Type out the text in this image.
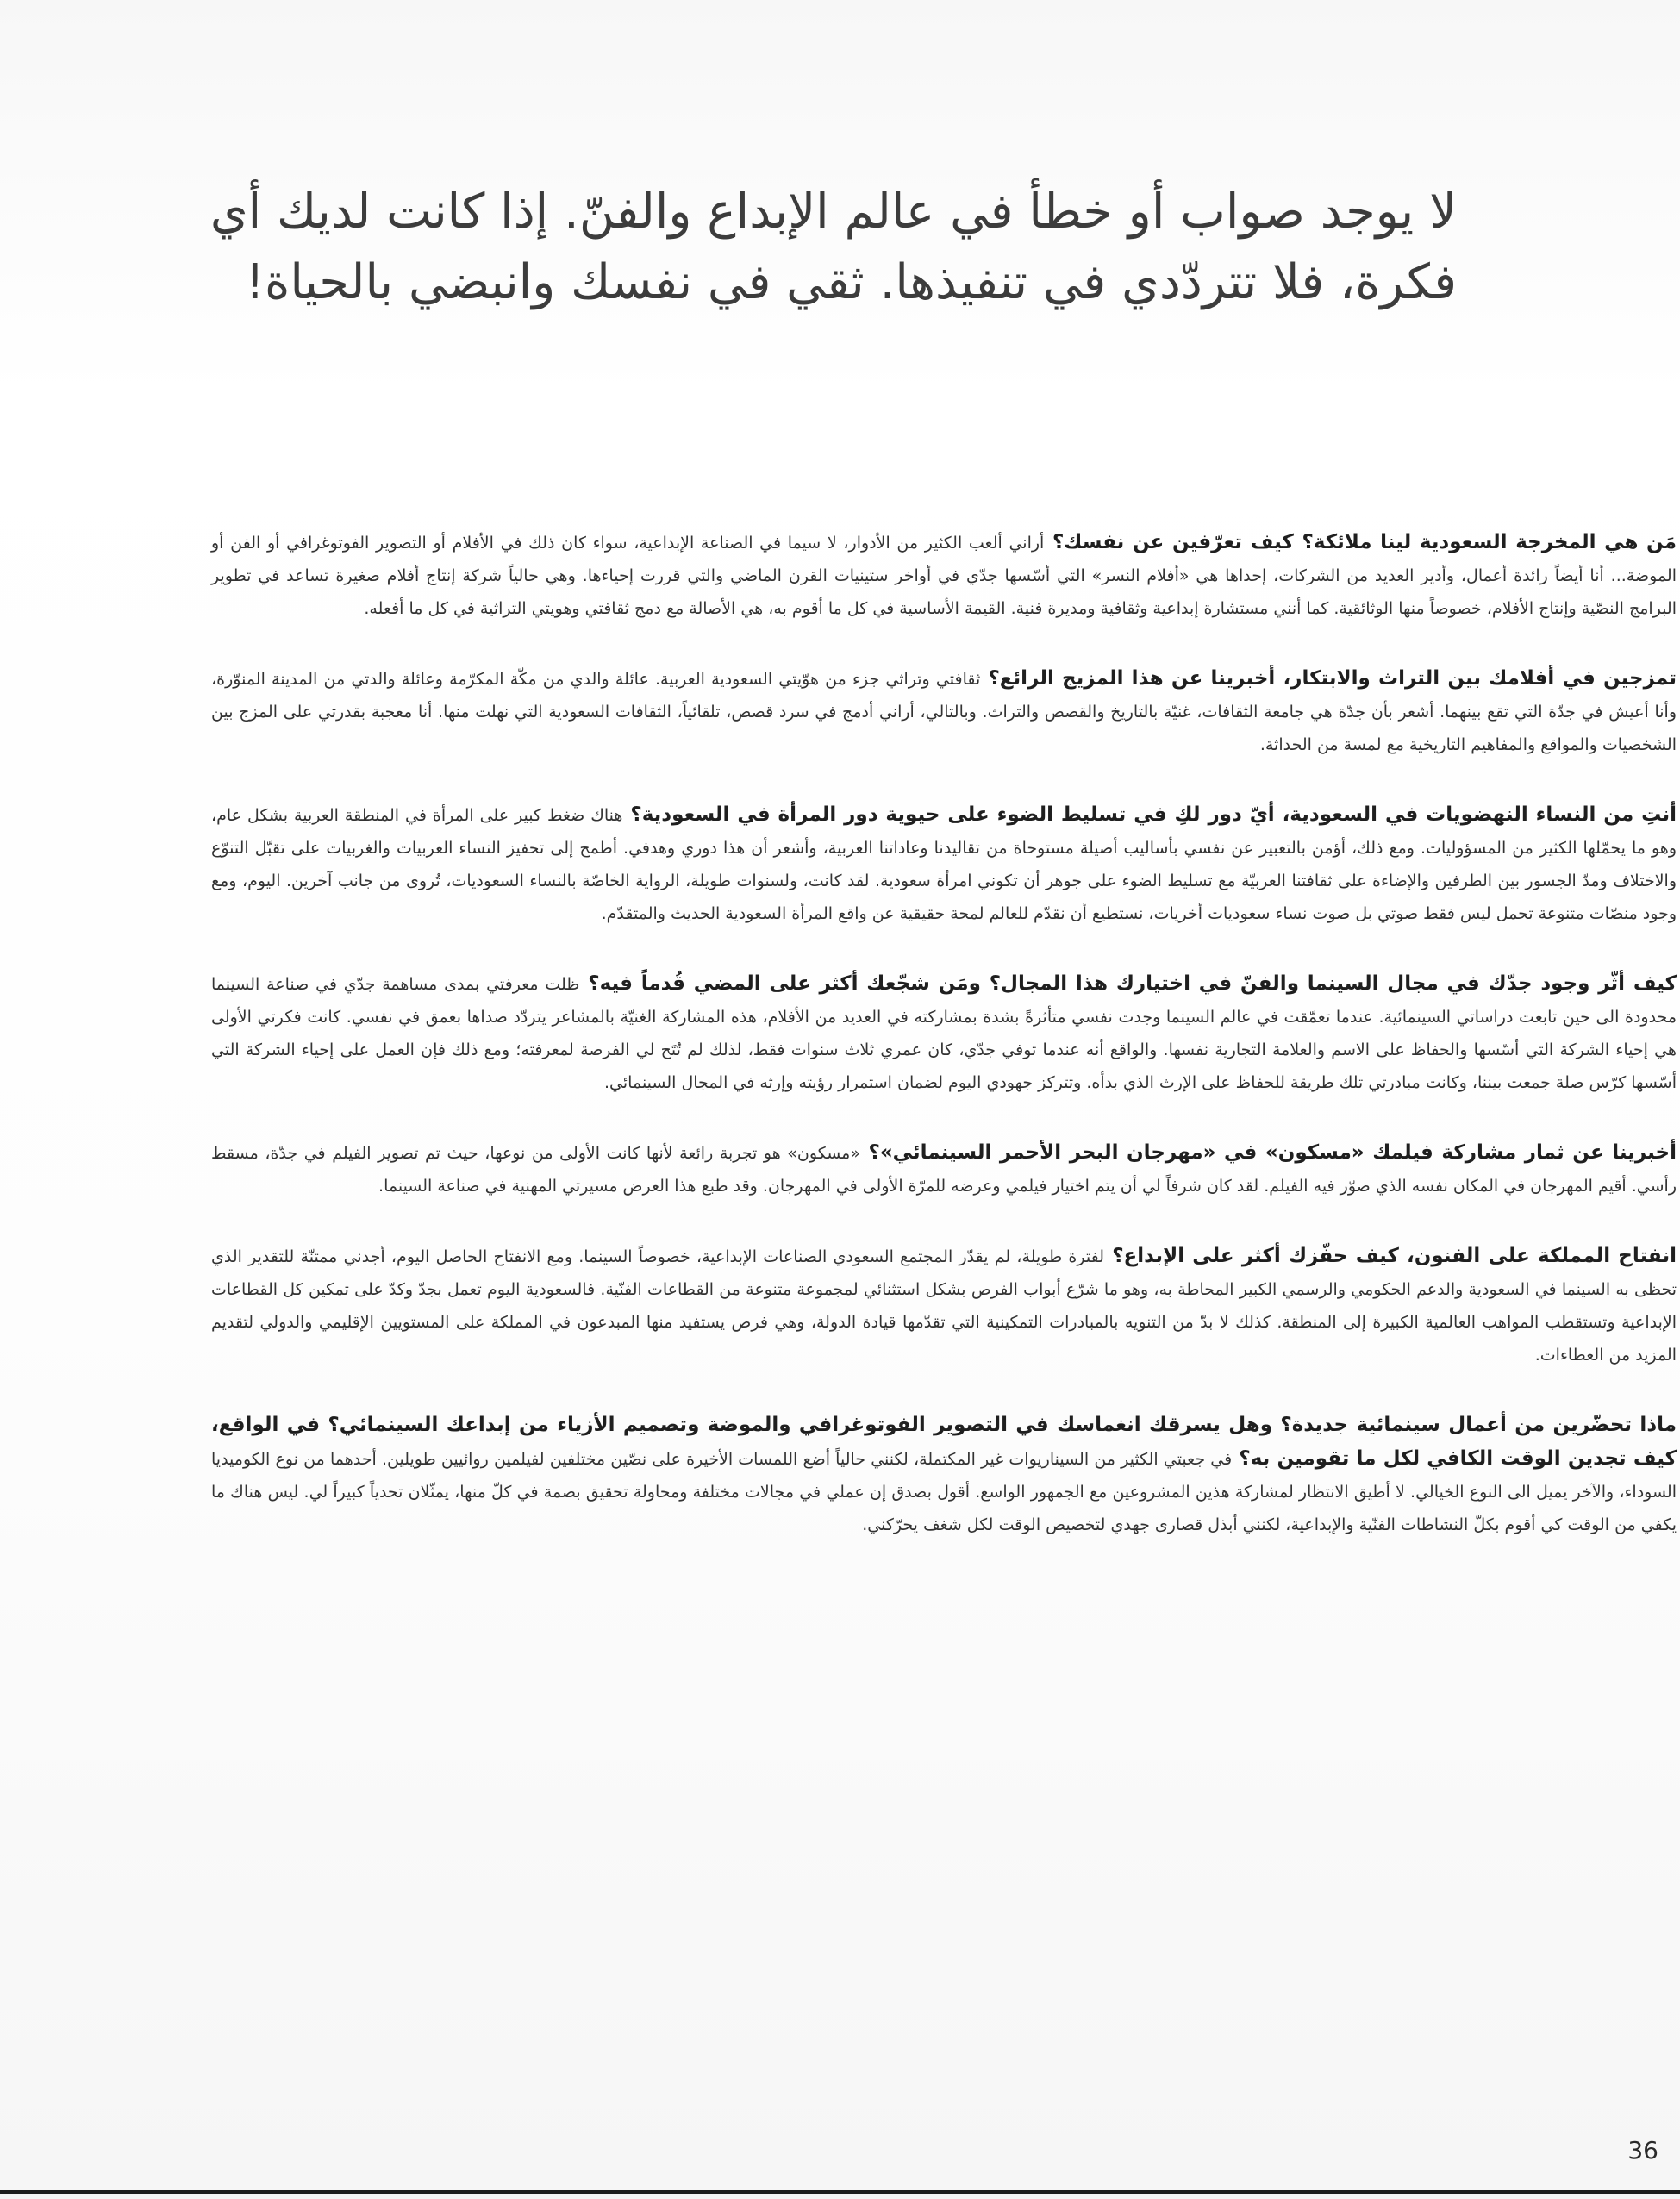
لا يوجد صواب أو خطأ في عالم الإبداع والفنّ. إذا كانت لديك أي فكرة، فلا تتردّدي في تنفيذها. ثقي في نفسك وانبضي بالحياة!

مَن هي المخرجة السعودية لينا ملائكة؟ كيف تعرّفين عن نفسك؟ أراني ألعب الكثير من الأدوار، لا سيما في الصناعة الإبداعية، سواء كان ذلك في الأفلام أو التصوير الفوتوغرافي أو الفن أو الموضة... أنا أيضاً رائدة أعمال، وأدير العديد من الشركات، إحداها هي «أفلام النسر» التي أسّسها جدّي في أواخر ستينيات القرن الماضي والتي قررت إحياءها. وهي حالياً شركة إنتاج أفلام صغيرة تساعد في تطوير البرامج النصّية وإنتاج الأفلام، خصوصاً منها الوثائقية. كما أنني مستشارة إبداعية وثقافية ومديرة فنية. القيمة الأساسية في كل ما أقوم به، هي الأصالة مع دمج ثقافتي وهويتي التراثية في كل ما أفعله.

تمزجين في أفلامك بين التراث والابتكار، أخبرينا عن هذا المزيج الرائع؟ ثقافتي وتراثي جزء من هوّيتي السعودية العربية. عائلة والدي من مكّة المكرّمة وعائلة والدتي من المدينة المنوّرة، وأنا أعيش في جدّة التي تقع بينهما. أشعر بأن جدّة هي جامعة الثقافات، غنيّة بالتاريخ والقصص والتراث. وبالتالي، أراني أدمج في سرد قصص، تلقائياً، الثقافات السعودية التي نهلت منها. أنا معجبة بقدرتي على المزج بين الشخصيات والمواقع والمفاهيم التاريخية مع لمسة من الحداثة.

أنتِ من النساء النهضويات في السعودية، أيّ دور لكِ في تسليط الضوء على حيوية دور المرأة في السعودية؟ هناك ضغط كبير على المرأة في المنطقة العربية بشكل عام، وهو ما يحمّلها الكثير من المسؤوليات. ومع ذلك، أؤمن بالتعبير عن نفسي بأساليب أصيلة مستوحاة من تقاليدنا وعاداتنا العربية، وأشعر أن هذا دوري وهدفي. أطمح إلى تحفيز النساء العربيات والغربيات على تقبّل التنوّع والاختلاف ومدّ الجسور بين الطرفين والإضاءة على ثقافتنا العربيّة مع تسليط الضوء على جوهر أن تكوني امرأة سعودية. لقد كانت، ولسنوات طويلة، الرواية الخاصّة بالنساء السعوديات، تُروى من جانب آخرين. اليوم، ومع وجود منصّات متنوعة تحمل ليس فقط صوتي بل صوت نساء سعوديات أخريات، نستطيع أن نقدّم للعالم لمحة حقيقية عن واقع المرأة السعودية الحديث والمتقدّم.

كيف أثّر وجود جدّك في مجال السينما والفنّ في اختيارك هذا المجال؟ ومَن شجّعك أكثر على المضي قُدماً فيه؟ ظلت معرفتي بمدى مساهمة جدّي في صناعة السينما محدودة الى حين تابعت دراساتي السينمائية. عندما تعمّقت في عالم السينما وجدت نفسي متأثرةً بشدة بمشاركته في العديد من الأفلام، هذه المشاركة الغنيّة بالمشاعر يتردّد صداها بعمق في نفسي. كانت فكرتي الأولى هي إحياء الشركة التي أسّسها والحفاظ على الاسم والعلامة التجارية نفسها. والواقع أنه عندما توفي جدّي، كان عمري ثلاث سنوات فقط، لذلك لم تُتَح لي الفرصة لمعرفته؛ ومع ذلك فإن العمل على إحياء الشركة التي أسّسها كرّس صلة جمعت بيننا، وكانت مبادرتي تلك طريقة للحفاظ على الإرث الذي بدأه. وتتركز جهودي اليوم لضمان استمرار رؤيته وإرثه في المجال السينمائي.

أخبرينا عن ثمار مشاركة فيلمك «مسكون» في «مهرجان البحر الأحمر السينمائي»؟ «مسكون» هو تجربة رائعة لأنها كانت الأولى من نوعها، حيث تم تصوير الفيلم في جدّة، مسقط رأسي. أقيم المهرجان في المكان نفسه الذي صوّر فيه الفيلم. لقد كان شرفاً لي أن يتم اختيار فيلمي وعرضه للمرّة الأولى في المهرجان. وقد طبع هذا العرض مسيرتي المهنية في صناعة السينما.

انفتاح المملكة على الفنون، كيف حفّزك أكثر على الإبداع؟ لفترة طويلة، لم يقدّر المجتمع السعودي الصناعات الإبداعية، خصوصاً السينما. ومع الانفتاح الحاصل اليوم، أجدني ممتنّة للتقدير الذي تحظى به السينما في السعودية والدعم الحكومي والرسمي الكبير المحاطة به، وهو ما شرّع أبواب الفرص بشكل استثنائي لمجموعة متنوعة من القطاعات الفنّية. فالسعودية اليوم تعمل بجدّ وكدّ على تمكين كل القطاعات الإبداعية وتستقطب المواهب العالمية الكبيرة إلى المنطقة. كذلك لا بدّ من التنويه بالمبادرات التمكينية التي تقدّمها قيادة الدولة، وهي فرص يستفيد منها المبدعون في المملكة على المستويين الإقليمي والدولي لتقديم المزيد من العطاءات.

ماذا تحضّرين من أعمال سينمائية جديدة؟ وهل يسرقك انغماسك في التصوير الفوتوغرافي والموضة وتصميم الأزياء من إبداعك السينمائي؟ في الواقع، كيف تجدين الوقت الكافي لكل ما تقومين به؟ في جعبتي الكثير من السيناريوات غير المكتملة، لكنني حالياً أضع اللمسات الأخيرة على نصّين مختلفين لفيلمين روائيين طويلين. أحدهما من نوع الكوميديا السوداء، والآخر يميل الى النوع الخيالي. لا أطيق الانتظار لمشاركة هذين المشروعين مع الجمهور الواسع. أقول بصدق إن عملي في مجالات مختلفة ومحاولة تحقيق بصمة في كلّ منها، يمثّلان تحدياً كبيراً لي. ليس هناك ما يكفي من الوقت كي أقوم بكلّ النشاطات الفنّية والإبداعية، لكنني أبذل قصارى جهدي لتخصيص الوقت لكل شغف يحرّكني.

36
